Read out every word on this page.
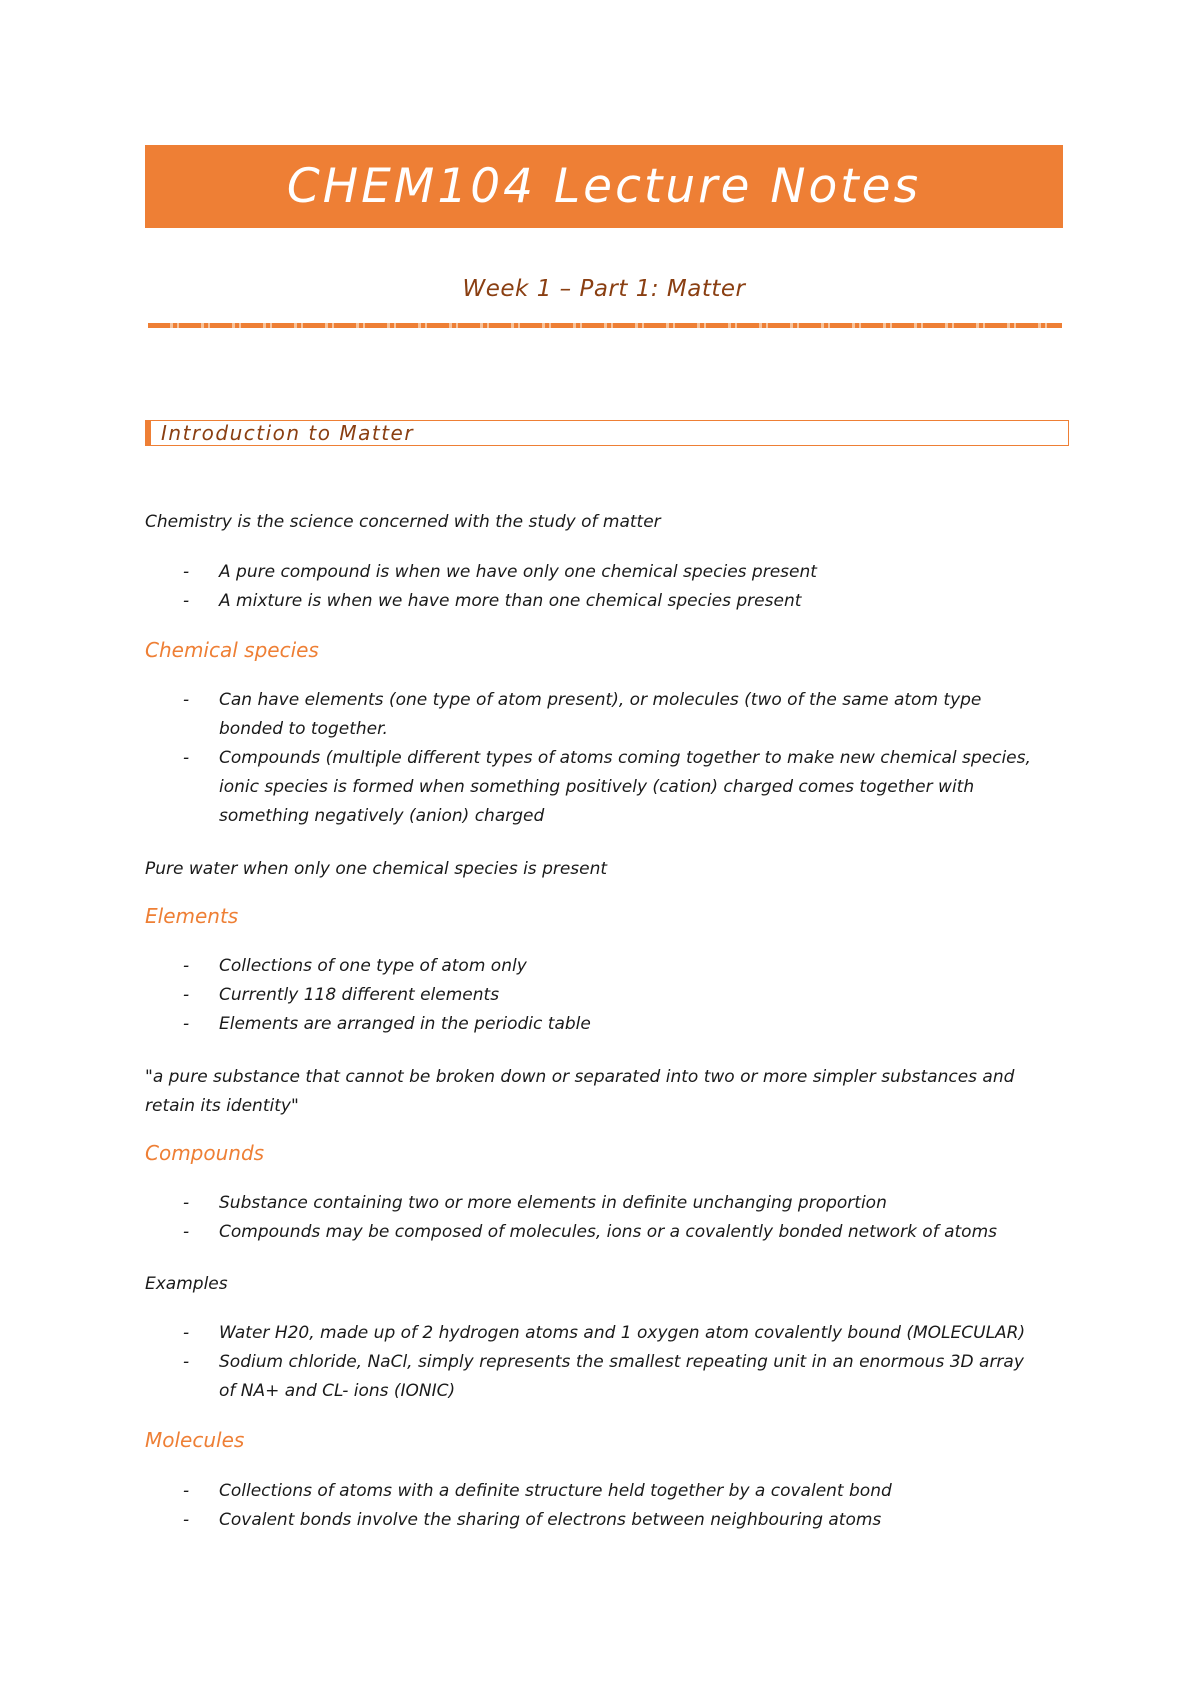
CHEM104 Lecture Notes
Week 1 – Part 1: Matter
Introduction to Matter

Chemistry is the science concerned with the study of matter

- A pure compound is when we have only one chemical species present
- A mixture is when we have more than one chemical species present

Chemical species

- Can have elements (one type of atom present), or molecules (two of the same atom type bonded to together.
- Compounds (multiple different types of atoms coming together to make new chemical species, ionic species is formed when something positively (cation) charged comes together with something negatively (anion) charged

Pure water when only one chemical species is present

Elements

- Collections of one type of atom only
- Currently 118 different elements
- Elements are arranged in the periodic table

"a pure substance that cannot be broken down or separated into two or more simpler substances and retain its identity"

Compounds

- Substance containing two or more elements in definite unchanging proportion
- Compounds may be composed of molecules, ions or a covalently bonded network of atoms

Examples

- Water H20, made up of 2 hydrogen atoms and 1 oxygen atom covalently bound (MOLECULAR)
- Sodium chloride, NaCl, simply represents the smallest repeating unit in an enormous 3D array of NA+ and CL- ions (IONIC)

Molecules

- Collections of atoms with a definite structure held together by a covalent bond
- Covalent bonds involve the sharing of electrons between neighbouring atoms
